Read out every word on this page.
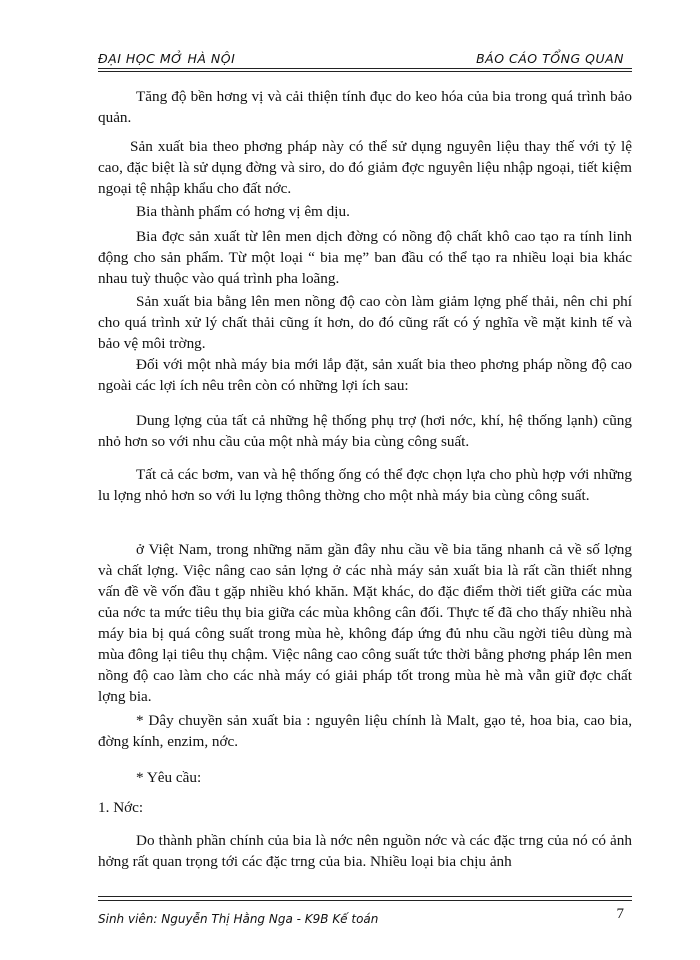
ĐẠI HỌC MỞ HÀ NỘI	BÁO CÁO TỔNG QUAN

Tăng độ bền hơng vị và cải thiện tính đục do keo hóa của bia trong quá trình bảo quản.

Sản xuất bia theo phơng pháp này có thể sử dụng nguyên liệu thay thế với tỷ lệ cao, đặc biệt là sử dụng đờng và siro, do đó giảm đợc nguyên liệu nhập ngoại, tiết kiệm ngoại tệ nhập khẩu cho đất nớc.

Bia thành phẩm có hơng vị êm dịu.

Bia đợc sản xuất từ lên men dịch đờng có nồng độ chất khô cao tạo ra tính linh động cho sản phẩm. Từ một loại “ bia mẹ” ban đầu có thể tạo ra nhiều loại bia khác nhau tuỳ thuộc vào quá trình pha loãng.

Sản xuất bia bằng lên men nồng độ cao còn làm giảm lợng phế thải, nên chi phí cho quá trình xử lý chất thải cũng ít hơn, do đó cũng rất có ý nghĩa về mặt kinh tế và bảo vệ môi trờng.

Đối với một nhà máy bia mới lắp đặt, sản xuất bia theo phơng pháp nồng độ cao ngoài các lợi ích nêu trên còn có những lợi ích sau:

Dung lợng của tất cả những hệ thống phụ trợ (hơi nớc, khí, hệ thống lạnh) cũng nhỏ hơn so với nhu cầu của một nhà máy bia cùng công suất.

Tất cả các bơm, van và hệ thống ống có thể đợc chọn lựa cho phù hợp với những lu lợng nhỏ hơn so với lu lợng thông thờng cho một nhà máy bia cùng công suất.

ở Việt Nam, trong những năm gần đây nhu cầu về bia tăng nhanh cả về số lợng và chất lợng. Việc nâng cao sản lợng ở các nhà máy sản xuất bia là rất cần thiết nhng vấn đề về vốn đầu t gặp nhiều khó khăn. Mặt khác, do đặc điểm thời tiết giữa các mùa của nớc ta mức tiêu thụ bia giữa các mùa không cân đối. Thực tế đã cho thấy nhiều nhà máy bia bị quá công suất trong mùa hè, không đáp ứng đủ nhu cầu ngời tiêu dùng mà mùa đông lại tiêu thụ chậm. Việc nâng cao công suất tức thời bằng phơng pháp lên men nồng độ cao làm cho các nhà máy có giải pháp tốt trong mùa hè mà vẫn giữ đợc chất lợng bia.

* Dây chuyền sản xuất bia : nguyên liệu chính là Malt, gạo tẻ, hoa bia, cao bia, đờng kính, enzim, nớc.

* Yêu cầu:

1. Nớc:

Do thành phần chính của bia là nớc nên nguồn nớc và các đặc trng của nó có ảnh hởng rất quan trọng tới các đặc trng của bia. Nhiều loại bia chịu ảnh

Sinh viên: Nguyễn Thị Hằng Nga - K9B Kế toán	7
